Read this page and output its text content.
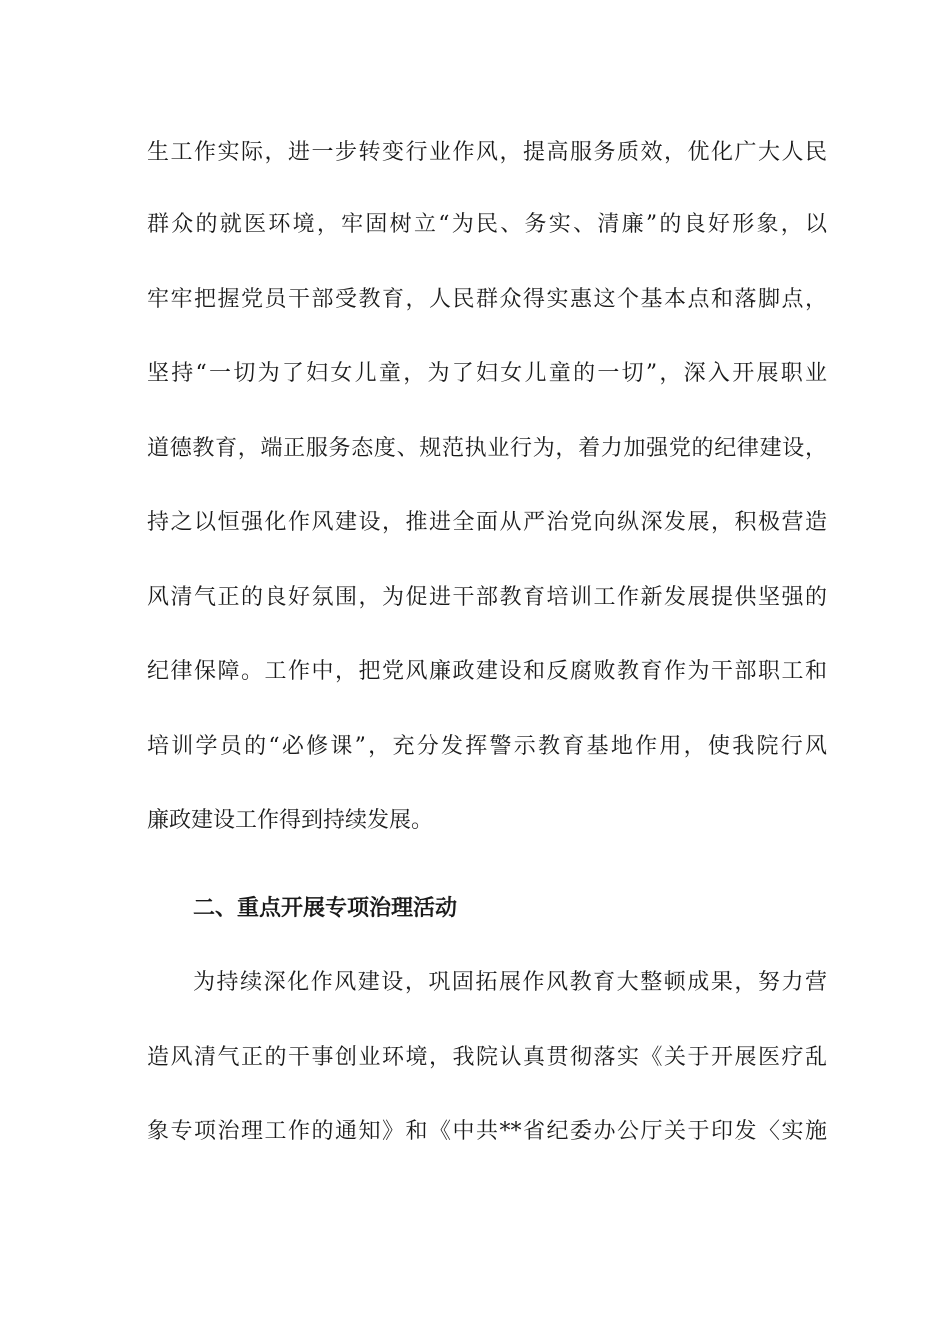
生工作实际，进一步转变行业作风，提高服务质效，优化广大人民
群众的就医环境，牢固树立“为民、务实、清廉”的良好形象，以
牢牢把握党员干部受教育，人民群众得实惠这个基本点和落脚点，
坚持“一切为了妇女儿童，为了妇女儿童的一切”，深入开展职业
道德教育，端正服务态度、规范执业行为，着力加强党的纪律建设，
持之以恒强化作风建设，推进全面从严治党向纵深发展，积极营造
风清气正的良好氛围，为促进干部教育培训工作新发展提供坚强的
纪律保障。工作中，把党风廉政建设和反腐败教育作为干部职工和
培训学员的“必修课”，充分发挥警示教育基地作用，使我院行风
廉政建设工作得到持续发展。
二、重点开展专项治理活动
为持续深化作风建设，巩固拓展作风教育大整顿成果，努力营
造风清气正的干事创业环境，我院认真贯彻落实《关于开展医疗乱
象专项治理工作的通知》和《中共**省纪委办公厅关于印发〈实施
